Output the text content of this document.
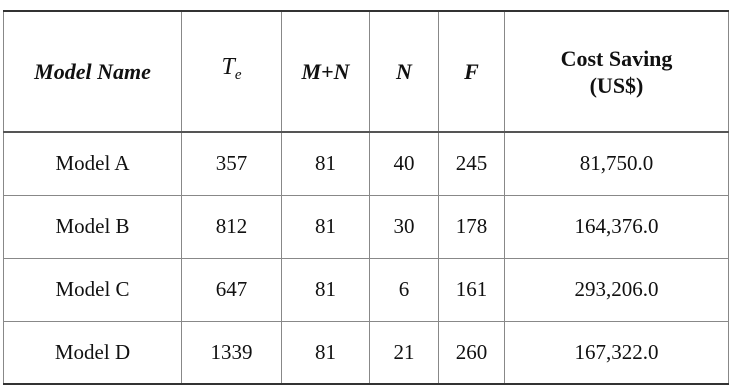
Model Name	$T_e$	M+N	N	F	Cost Saving
(US$)

Model A	357	81	40	245	81,750.0
Model B	812	81	30	178	164,376.0
Model C	647	81	6	161	293,206.0
Model D	1339	81	21	260	167,322.0
